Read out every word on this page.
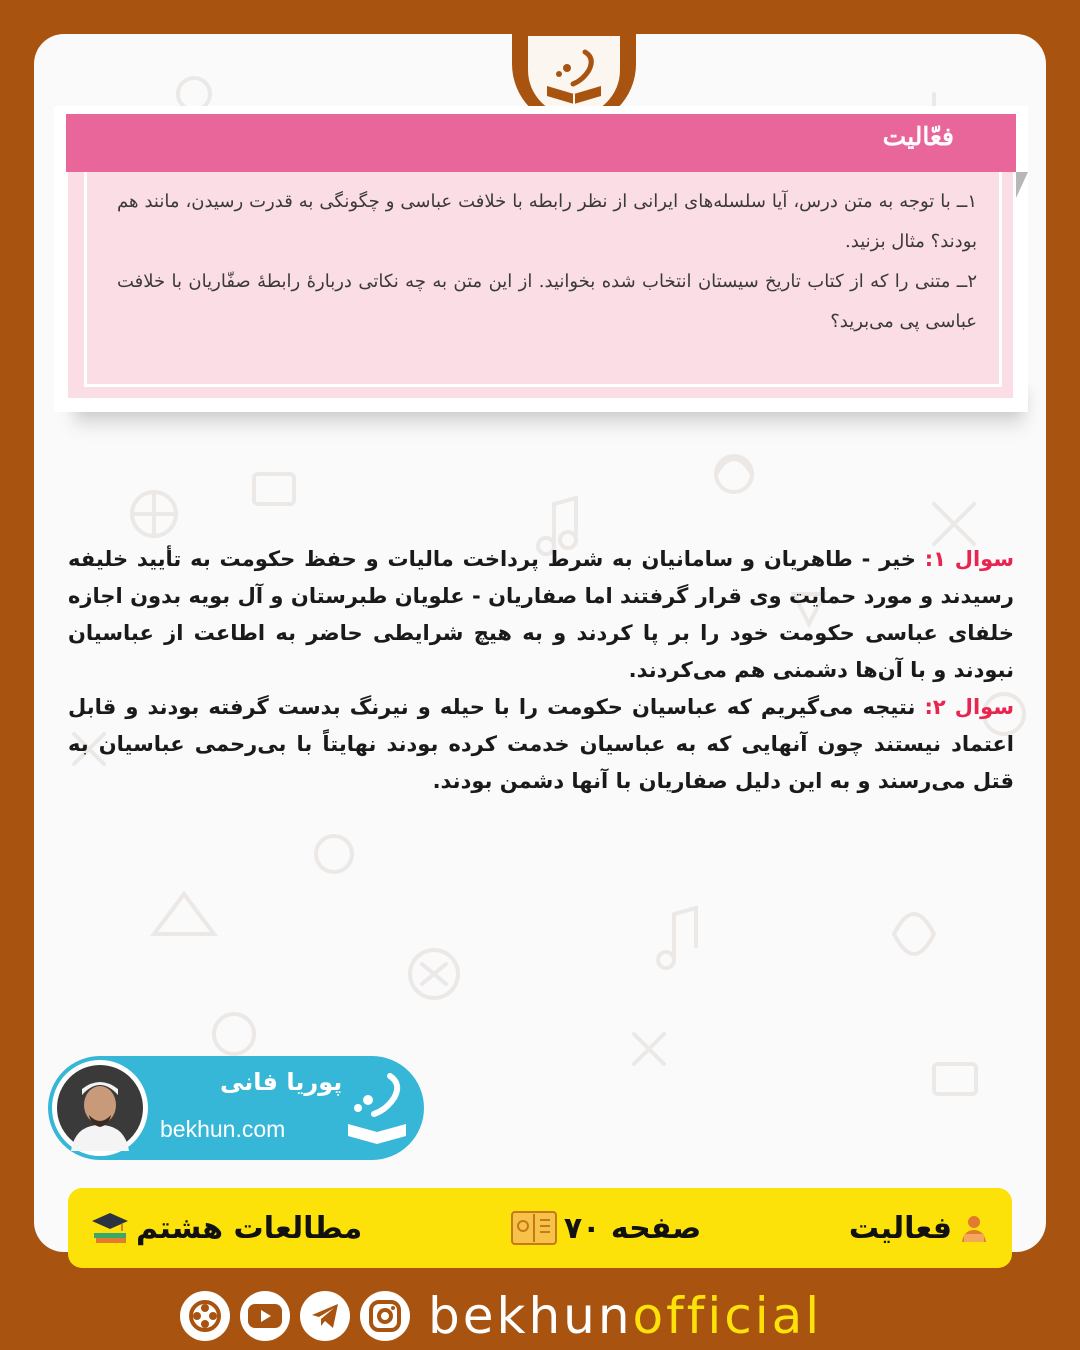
فعّالیت

۱ــ با توجه به متن درس، آیا سلسله‌های ایرانی از نظر رابطه با خلافت عباسی و چگونگی به قدرت رسیدن، مانند هم بودند؟ مثال بزنید.

۲ــ متنی را که از کتاب تاریخ سیستان انتخاب شده بخوانید. از این متن به چه نکاتی دربارهٔ رابطهٔ صفّاریان با خلافت عباسی پی می‌برید؟

سوال ۱: خیر - طاهریان و سامانیان به شرط پرداخت مالیات و حفظ حکومت به تأیید خلیفه رسیدند و مورد حمایت وی قرار گرفتند اما صفاریان - علویان طبرستان و آل بویه بدون اجازه خلفای عباسی حکومت خود را بر پا کردند و به هیچ شرایطی حاضر به اطاعت از عباسیان نبودند و با آن‌ها دشمنی هم می‌کردند.

سوال ۲: نتیجه می‌گیریم که عباسیان حکومت را با حیله و نیرنگ بدست گرفته بودند و قابل اعتماد نیستند چون آنهایی که به عباسیان خدمت کرده بودند نهایتاً با بی‌رحمی عباسیان به قتل می‌رسند و به این دلیل صفاریان با آنها دشمن بودند.

پوریا فانی
bekhun.com
فعالیت
صفحه ۷۰
مطالعات هشتم
bekhunofficial
